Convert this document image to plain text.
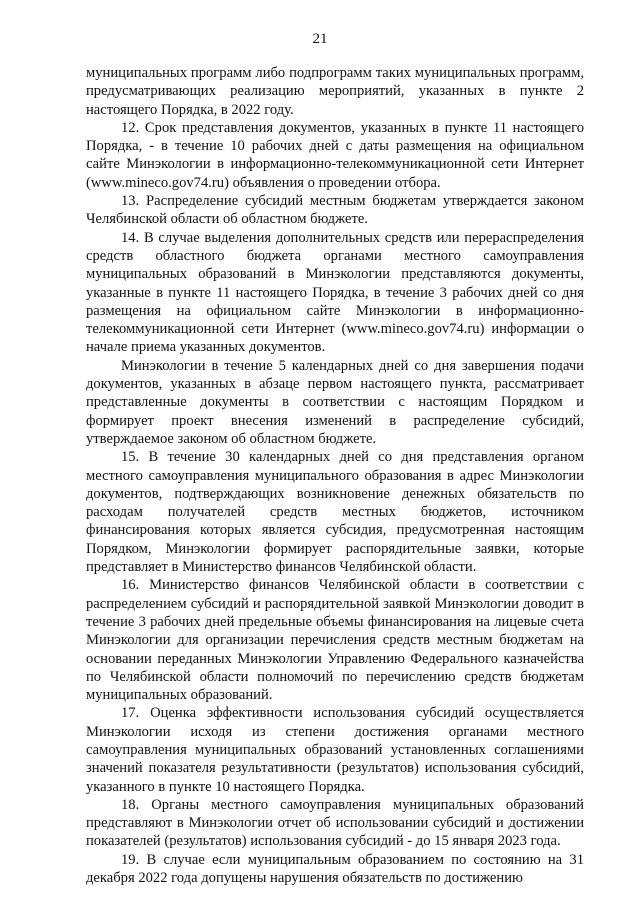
21

муниципальных программ либо подпрограмм таких муниципальных программ, предусматривающих реализацию мероприятий, указанных в пункте 2 настоящего Порядка, в 2022 году.

12. Срок представления документов, указанных в пункте 11 настоящего Порядка, - в течение 10 рабочих дней с даты размещения на официальном сайте Минэкологии в информационно-телекоммуникационной сети Интернет (www.mineco.gov74.ru) объявления о проведении отбора.

13. Распределение субсидий местным бюджетам утверждается законом Челябинской области об областном бюджете.

14. В случае выделения дополнительных средств или перераспределения средств областного бюджета органами местного самоуправления муниципальных образований в Минэкологии представляются документы, указанные в пункте 11 настоящего Порядка, в течение 3 рабочих дней со дня размещения на официальном сайте Минэкологии в информационно-телекоммуникационной сети Интернет (www.mineco.gov74.ru) информации о начале приема указанных документов.

Минэкологии в течение 5 календарных дней со дня завершения подачи документов, указанных в абзаце первом настоящего пункта, рассматривает представленные документы в соответствии с настоящим Порядком и формирует проект внесения изменений в распределение субсидий, утверждаемое законом об областном бюджете.

15. В течение 30 календарных дней со дня представления органом местного самоуправления муниципального образования в адрес Минэкологии документов, подтверждающих возникновение денежных обязательств по расходам получателей средств местных бюджетов, источником финансирования которых является субсидия, предусмотренная настоящим Порядком, Минэкологии формирует распорядительные заявки, которые представляет в Министерство финансов Челябинской области.

16. Министерство финансов Челябинской области в соответствии с распределением субсидий и распорядительной заявкой Минэкологии доводит в течение 3 рабочих дней предельные объемы финансирования на лицевые счета Минэкологии для организации перечисления средств местным бюджетам на основании переданных Минэкологии Управлению Федерального казначейства по Челябинской области полномочий по перечислению средств бюджетам муниципальных образований.

17. Оценка эффективности использования субсидий осуществляется Минэкологии исходя из степени достижения органами местного самоуправления муниципальных образований установленных соглашениями значений показателя результативности (результатов) использования субсидий, указанного в пункте 10 настоящего Порядка.

18. Органы местного самоуправления муниципальных образований представляют в Минэкологии отчет об использовании субсидий и достижении показателей (результатов) использования субсидий - до 15 января 2023 года.

19. В случае если муниципальным образованием по состоянию на 31 декабря 2022 года допущены нарушения обязательств по достижению
